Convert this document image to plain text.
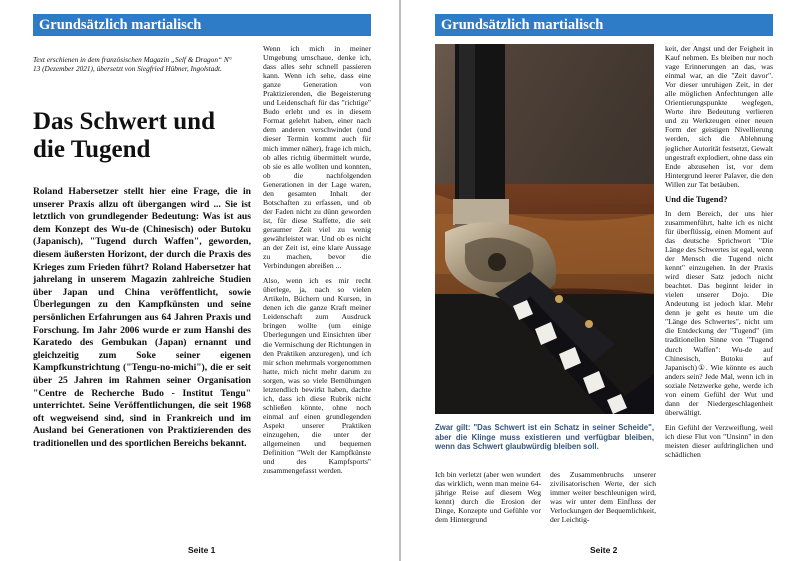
Grundsätzlich martialisch
Text erschienen in dem französischen Magazin „Self & Dragon“ N° 13 (Dezember 2021), übersetzt von Siegfried Hübner, Ingolstadt.
Das Schwert und die Tugend
Roland Habersetzer stellt hier eine Frage, die in unserer Praxis allzu oft übergangen wird ... Sie ist letztlich von grundlegender Bedeutung: Was ist aus dem Konzept des Wu-de (Chinesisch) oder Butoku (Japanisch), "Tugend durch Waffen", geworden, diesem äußersten Horizont, der durch die Praxis des Krieges zum Frieden führt? Roland Habersetzer hat jahrelang in unserem Magazin zahlreiche Studien über Japan und China veröffentlicht, sowie Überlegungen zu den Kampfkünsten und seine persönlichen Erfahrungen aus 64 Jahren Praxis und Forschung. Im Jahr 2006 wurde er zum Hanshi des Karatedo des Gembukan (Japan) ernannt und gleichzeitig zum Soke seiner eigenen Kampfkunstrichtung ("Tengu-no-michi"), die er seit über 25 Jahren im Rahmen seiner Organisation "Centre de Recherche Budo - Institut Tengu" unterrichtet. Seine Veröffentlichungen, die seit 1968 oft wegweisend sind, sind in Frankreich und im Ausland bei Generationen von Praktizierenden des traditionellen und des sportlichen Bereichs bekannt.

Wenn ich mich in meiner Umgebung umschaue, denke ich, dass alles sehr schnell passieren kann. Wenn ich sehe, dass eine ganze Generation von Praktizierenden, die Begeisterung und Leidenschaft für das "richtige" Budo erlebt und es in diesem Format gelehrt haben, einer nach dem anderen verschwindet (und dieser Termin kommt auch für mich immer näher), frage ich mich, ob alles richtig übermittelt wurde, ob sie es alle wollten und konnten, ob die nachfolgenden Generationen in der Lage waren, den gesamten Inhalt der Botschaften zu erfassen, und ob der Faden nicht zu dünn geworden ist, für diese Staffette, die seit geraumer Zeit viel zu wenig gewährleistet war. Und ob es nicht an der Zeit ist, eine klare Aussage zu machen, bevor die Verbindungen abreißen ...

Also, wenn ich es mir recht überlege, ja, nach so vielen Artikeln, Büchern und Kursen, in denen ich die ganze Kraft meiner Leidenschaft zum Ausdruck bringen wollte (um einige Überlegungen und Einsichten über die Vermischung der Richtungen in den Praktiken anzuregen), und ich mir schon mehrmals vorgenommen hatte, mich nicht mehr darum zu sorgen, was so viele Bemühungen letztendlich bewirkt haben, dachte ich, dass ich diese Rubrik nicht schließen könnte, ohne noch einmal auf einen grundlegenden Aspekt unserer Praktiken einzugehen, die unter der allgemeinen und bequemen Definition "Welt der Kampfkünste und des Kampfsports" zusammengefasst werden.

Seite 1
Grundsätzlich martialisch
Zwar gilt: "Das Schwert ist ein Schatz in seiner Scheide", aber die Klinge muss existieren und verfügbar bleiben, wenn das Schwert glaubwürdig bleiben soll.

Ich bin verletzt (aber wen wundert das wirklich, wenn man meine 64-jährige Reise auf diesem Weg kennt) durch die Erosion der Dinge, Konzepte und Gefühle vor dem Hintergrund

des Zusammenbruchs unserer zivilisatorischen Werte, der sich immer weiter beschleunigen wird, was wir unter dem Einfluss der Verlockungen der Bequemlichkeit, der Leichtig-

keit, der Angst und der Feigheit in Kauf nehmen. Es bleiben nur noch vage Erinnerungen an das, was einmal war, an die "Zeit davor". Vor dieser unruhigen Zeit, in der alle möglichen Anfechtungen alle Orientierungspunkte wegfegen, Worte ihre Bedeutung verlieren und zu Werkzeugen einer neuen Form der geistigen Nivellierung werden, sich die Ablehnung jeglicher Autorität festsetzt, Gewalt ungestraft explodiert, ohne dass ein Ende abzusehen ist, vor dem Hintergrund leerer Palaver, die den Willen zur Tat betäuben.

Und die Tugend?

In dem Bereich, der uns hier zusammenführt, halte ich es nicht für überflüssig, einen Moment auf das deutsche Sprichwort "Die Länge des Schwertes ist egal, wenn der Mensch die Tugend nicht kennt" einzugehen. In der Praxis wird dieser Satz jedoch nicht beachtet. Das beginnt leider in vielen unserer Dojo. Die Andeutung ist jedoch klar. Mehr denn je geht es heute um die "Länge des Schwertes", nicht um die Entdeckung der "Tugend" (im traditionellen Sinne von "Tugend durch Waffen": Wu-de auf Chinesisch, Butoku auf Japanisch)①. Wie könnte es auch anders sein? Jede Mal, wenn ich in soziale Netzwerke gehe, werde ich von einem Gefühl der Wut und dann der Niedergeschlagenheit überwältigt.

Ein Gefühl der Verzweiflung, weil ich diese Flut von "Unsinn" in den meisten dieser aufdringlichen und schädlichen

Seite 2
